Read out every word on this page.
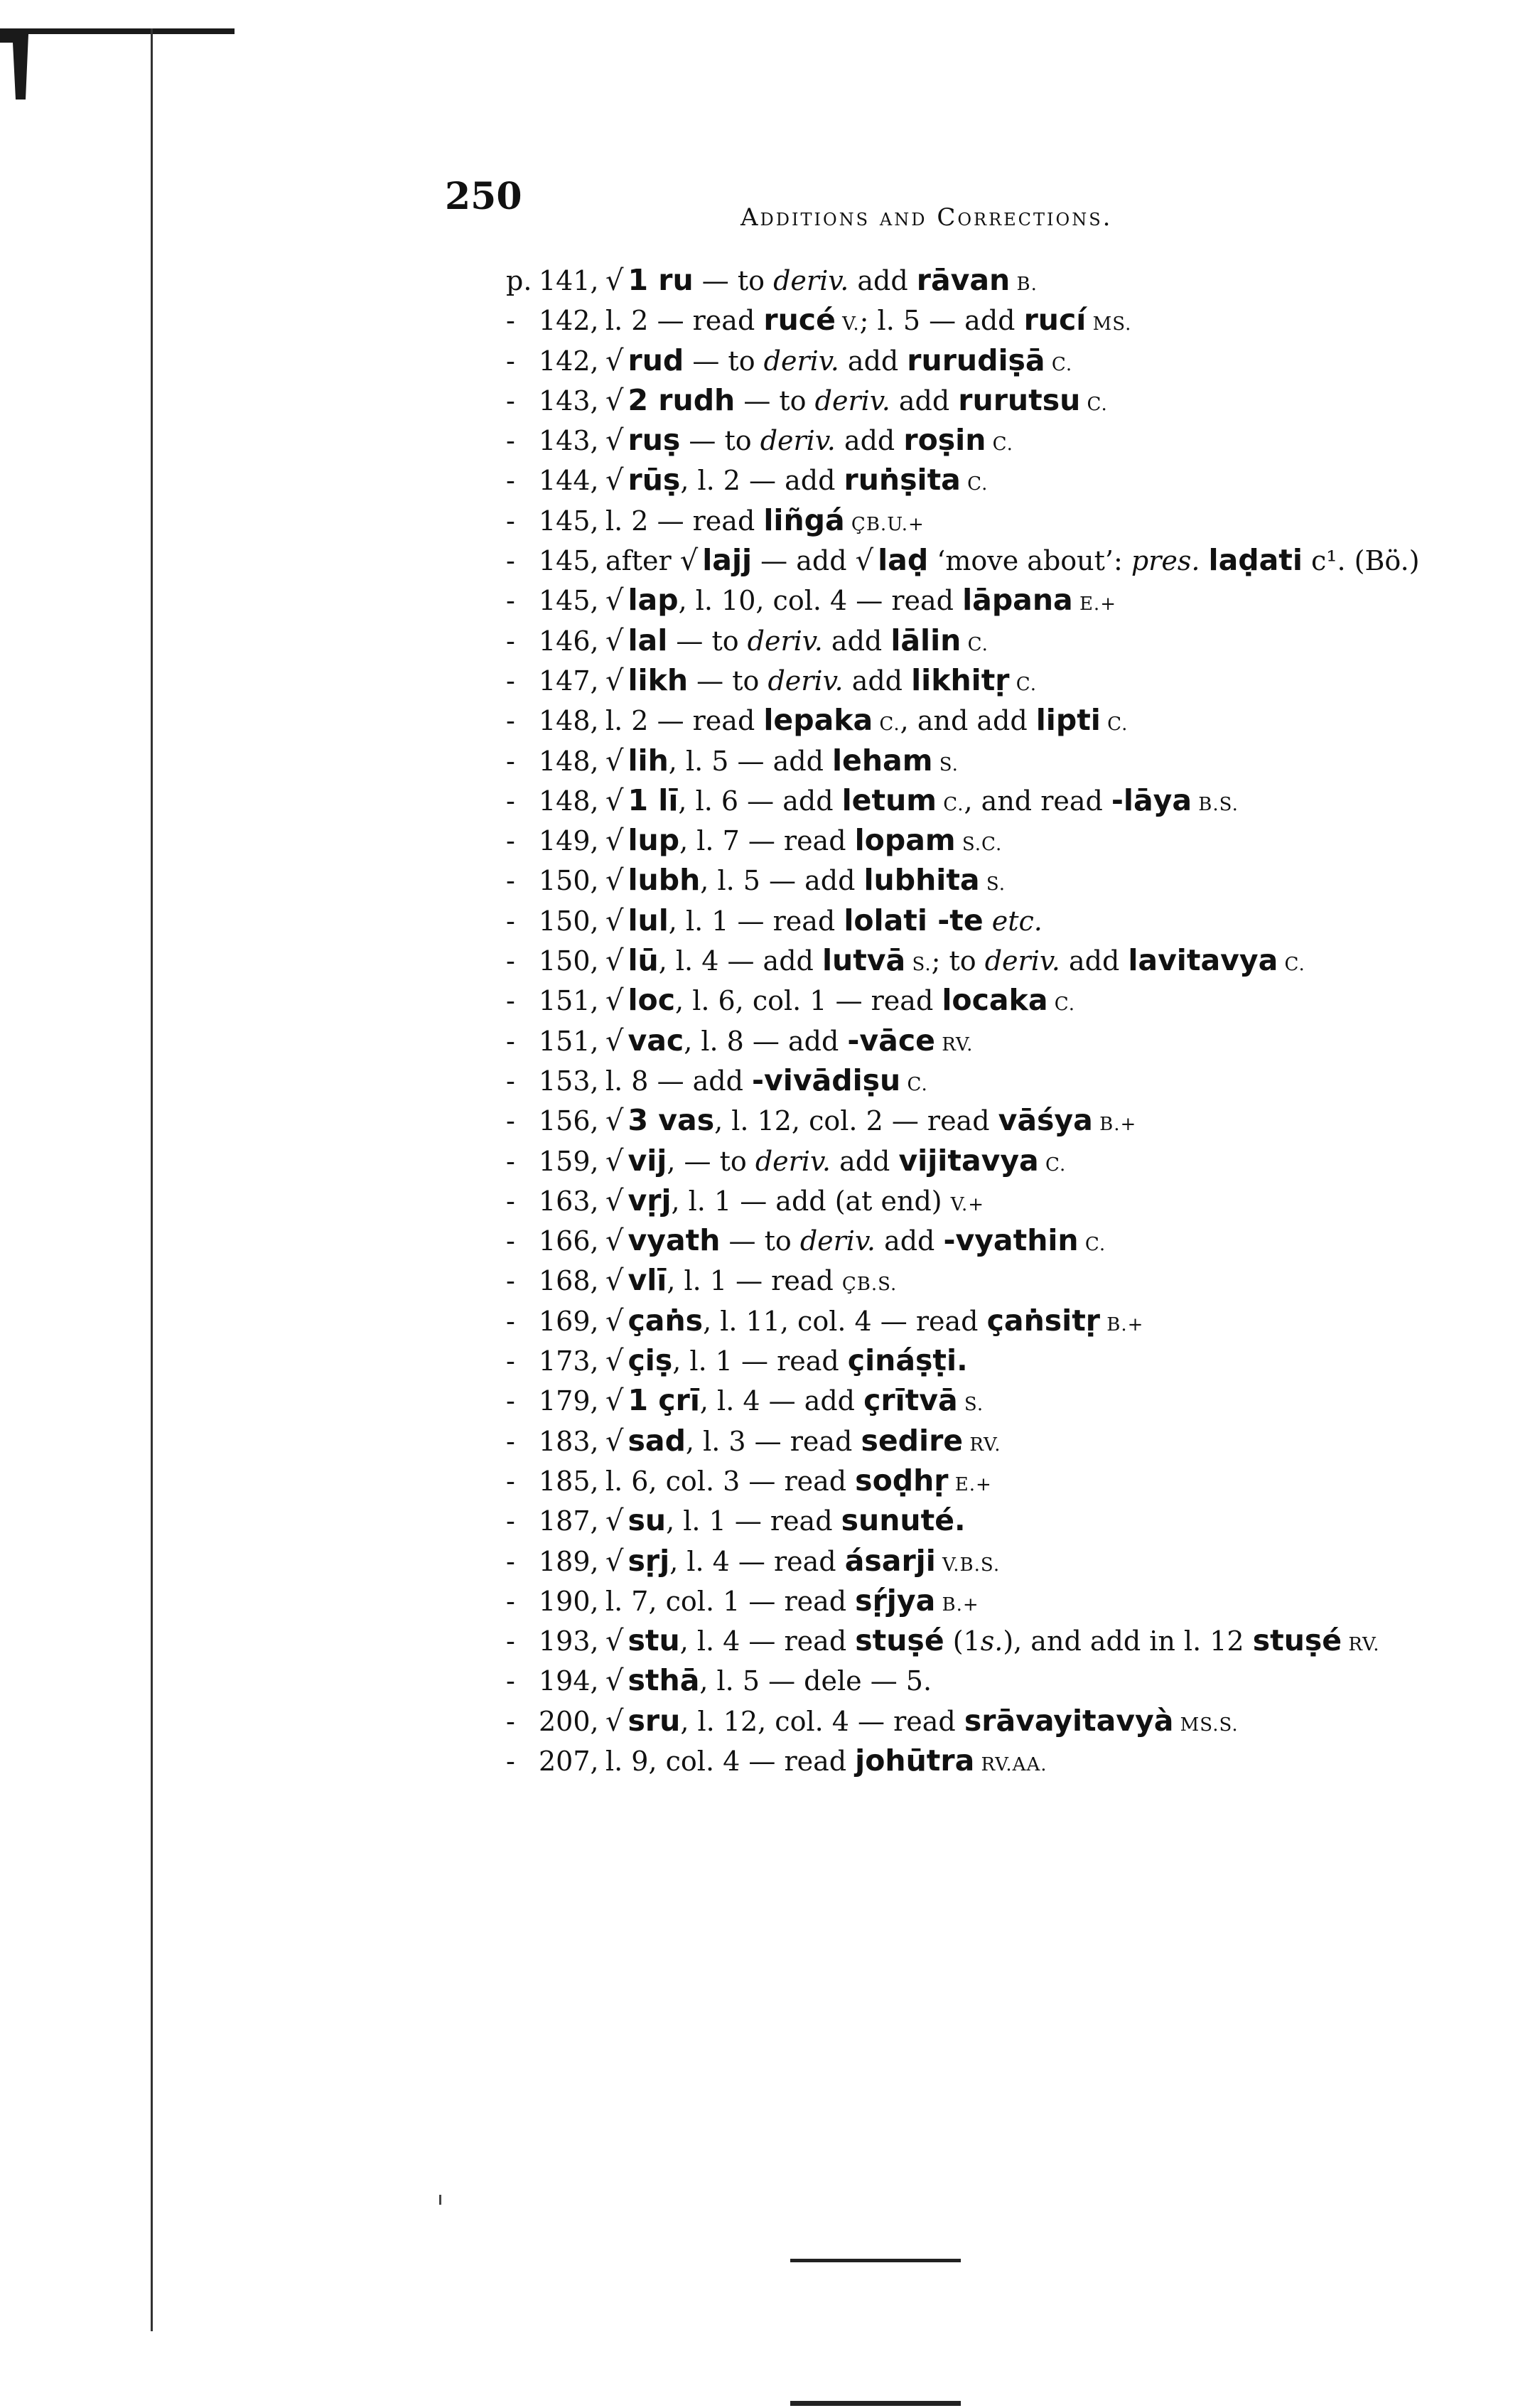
250	Additions and Corrections.
p. 141, √ 1 ru — to deriv. add rāvan B.
- 142, l. 2 — read rucé V.; l. 5 — add rucí MS.
- 142, √ rud — to deriv. add rurudiṣā C.
- 143, √ 2 rudh — to deriv. add rurutsu C.
- 143, √ ruṣ — to deriv. add roṣin C.
- 144, √ rūṣ, l. 2 — add ruṅṣita C.
- 145, l. 2 — read liñgá ÇB.U.+
- 145, after √ lajj — add √ laḍ ‘move about’: pres. laḍati c¹. (Bö.)
- 145, √ lap, l. 10, col. 4 — read lāpana E.+
- 146, √ lal — to deriv. add lālin C.
- 147, √ likh — to deriv. add likhitṛ C.
- 148, l. 2 — read lepaka C., and add lipti C.
- 148, √ lih, l. 5 — add leham S.
- 148, √ 1 lī, l. 6 — add letum C., and read -lāya B.S.
- 149, √ lup, l. 7 — read lopam S.C.
- 150, √ lubh, l. 5 — add lubhita S.
- 150, √ lul, l. 1 — read lolati -te etc.
- 150, √ lū, l. 4 — add lutvā S.; to deriv. add lavitavya C.
- 151, √ loc, l. 6, col. 1 — read locaka C.
- 151, √ vac, l. 8 — add -vāce RV.
- 153, l. 8 — add -vivādiṣu C.
- 156, √ 3 vas, l. 12, col. 2 — read vāśya B.+
- 159, √ vij, — to deriv. add vijitavya C.
- 163, √ vṛj, l. 1 — add (at end) V.+
- 166, √ vyath — to deriv. add -vyathin C.
- 168, √ vlī, l. 1 — read ÇB.S.
- 169, √ çaṅs, l. 11, col. 4 — read çaṅsitṛ B.+
- 173, √ çiṣ, l. 1 — read çináṣṭi.
- 179, √ 1 çrī, l. 4 — add çrītvā S.
- 183, √ sad, l. 3 — read sedire RV.
- 185, l. 6, col. 3 — read soḍhṛ E.+
- 187, √ su, l. 1 — read sunuté.
- 189, √ sṛj, l. 4 — read ásarji V.B.S.
- 190, l. 7, col. 1 — read sṛ́jya B.+
- 193, √ stu, l. 4 — read stuṣé (1s.), and add in l. 12 stuṣé RV.
- 194, √ sthā, l. 5 — dele — 5.
- 200, √ sru, l. 12, col. 4 — read srāvayitavyà MS.S.
- 207, l. 9, col. 4 — read johūtra RV.AA.
